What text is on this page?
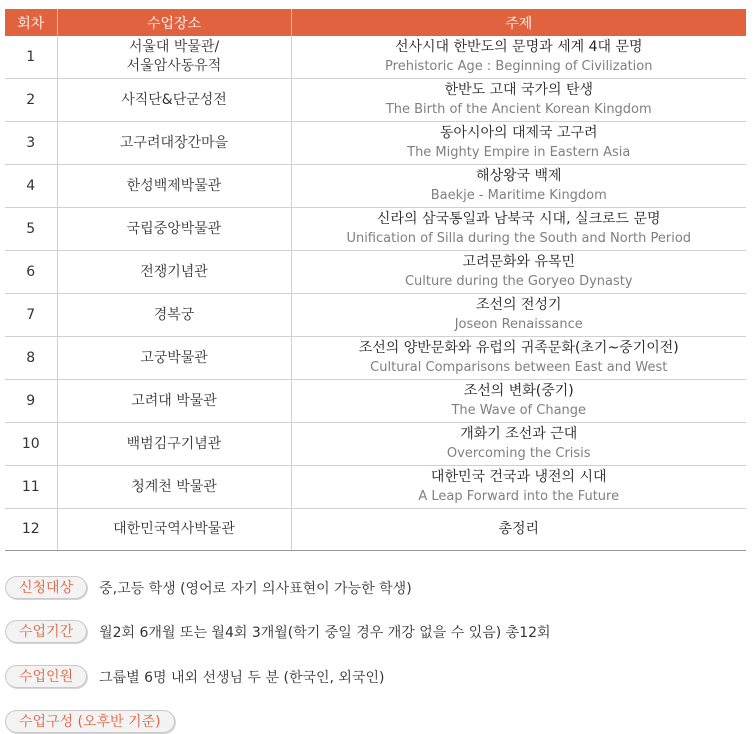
회차	수업장소	주제
1	서울대 박물관/
서울암사동유적	선사시대 한반도의 문명과 세계 4대 문명
Prehistoric Age : Beginning of Civilization

2	사직단&단군성전	한반도 고대 국가의 탄생
The Birth of the Ancient Korean Kingdom

3	고구려대장간마을	동아시아의 대제국 고구려
The Mighty Empire in Eastern Asia

4	한성백제박물관	해상왕국 백제
Baekje - Maritime Kingdom

5	국립중앙박물관	신라의 삼국통일과 남북국 시대, 실크로드 문명
Unification of Silla during the South and North Period

6	전쟁기념관	고려문화와 유목민
Culture during the Goryeo Dynasty

7	경복궁	조선의 전성기
Joseon Renaissance

8	고궁박물관	조선의 양반문화와 유럽의 귀족문화(초기~중기이전)
Cultural Comparisons between East and West

9	고려대 박물관	조선의 변화(중기)
The Wave of Change

10	백범김구기념관	개화기 조선과 근대
Overcoming the Crisis

11	청계천 박물관	대한민국 건국과 냉전의 시대
A Leap Forward into the Future

12	대한민국역사박물관	총정리
신청대상	중,고등 학생 (영어로 자기 의사표현이 가능한 학생)
수업기간	월2회 6개월 또는 월4회 3개월(학기 중일 경우 개강 없을 수 있음) 총12회
수업인원	그룹별 6명 내외 선생님 두 분 (한국인, 외국인)
수업구성 (오후반 기준)
